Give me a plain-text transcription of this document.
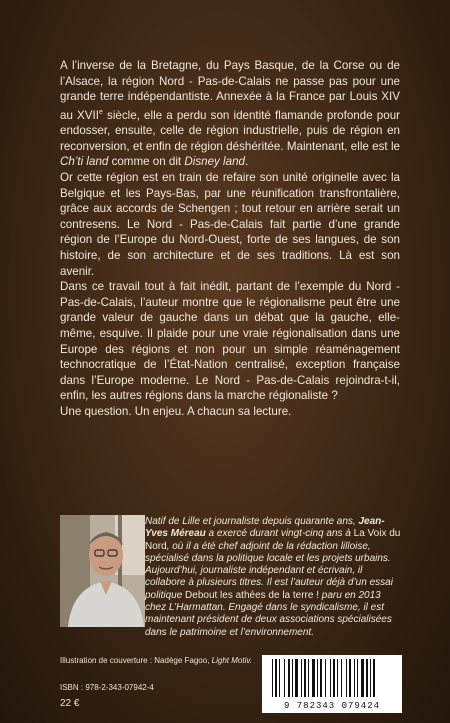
A l’inverse de la Bretagne, du Pays Basque, de la Corse ou de l’Alsace, la région Nord - Pas-de-Calais ne passe pas pour une grande terre indépendantiste. Annexée à la France par Louis XIV au XVIIe siècle, elle a perdu son identité flamande profonde pour endosser, ensuite, celle de région industrielle, puis de région en reconversion, et enfin de région déshéritée. Maintenant, elle est le Ch’ti land comme on dit Disney land.

Or cette région est en train de refaire son unité originelle avec la Belgique et les Pays-Bas, par une réunification transfrontalière, grâce aux accords de Schengen ; tout retour en arrière serait un contresens. Le Nord - Pas-de-Calais fait partie d’une grande région de l’Europe du Nord-Ouest, forte de ses langues, de son histoire, de son architecture et de ses traditions. Là est son avenir.

Dans ce travail tout à fait inédit, partant de l’exemple du Nord - Pas-de-Calais, l’auteur montre que le régionalisme peut être une grande valeur de gauche dans un débat que la gauche, elle-même, esquive. Il plaide pour une vraie régionalisation dans une Europe des régions et non pour un simple réaménagement technocratique de l’État-Nation centralisé, exception française dans l’Europe moderne. Le Nord - Pas-de-Calais rejoindra-t-il, enfin, les autres régions dans la marche régionaliste ?

Une question. Un enjeu. A chacun sa lecture.

Natif de Lille et journaliste depuis quarante ans, Jean-Yves Méreau a exercé durant vingt-cinq ans à La Voix du Nord, où il a été chef adjoint de la rédaction lilloise, spécialisé dans la politique locale et les projets urbains. Aujourd’hui, journaliste indépendant et écrivain, il collabore à plusieurs titres. Il est l’auteur déjà d’un essai politique Debout les athées de la terre ! paru en 2013 chez L’Harmattan. Engagé dans le syndicalisme, il est maintenant président de deux associations spécialisées dans le patrimoine et l’environnement.

Illustration de couverture : Nadège Fagoo, Light Motiv.
ISBN : 978-2-343-07942-4
22 €	9 782343 079424
